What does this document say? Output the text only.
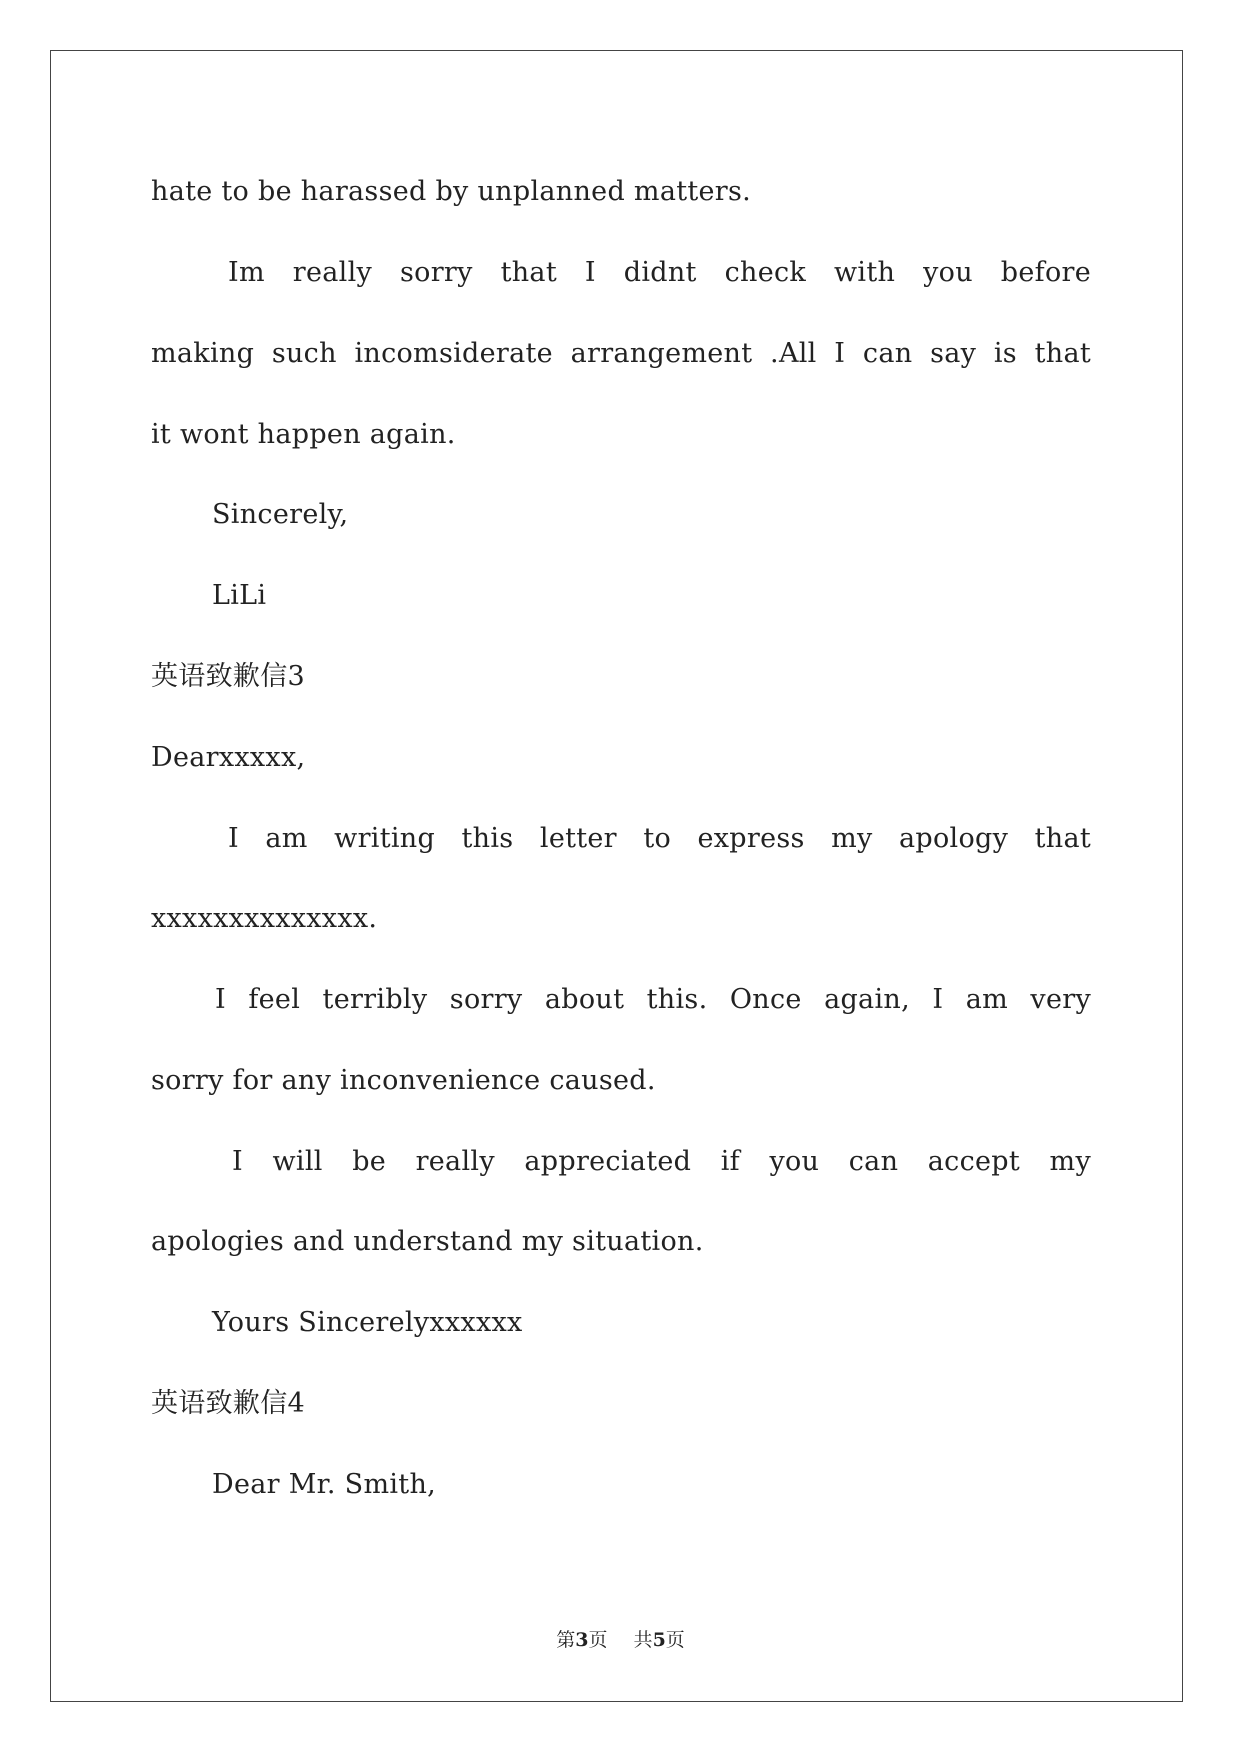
hate to be harassed by unplanned matters.

Im really sorry that I didnt check with you before

making such incomsiderate arrangement .All I can say is that

it wont happen again.

Sincerely,

LiLi

英语致歉信3

Dearxxxxx,

I am writing this letter to express my apology that

xxxxxxxxxxxxxx.

I feel terribly sorry about this. Once again, I am very

sorry for any inconvenience caused.

I will be really appreciated if you can accept my

apologies and understand my situation.

Yours Sincerelyxxxxxx

英语致歉信4

Dear Mr. Smith,

第3页 共5页
